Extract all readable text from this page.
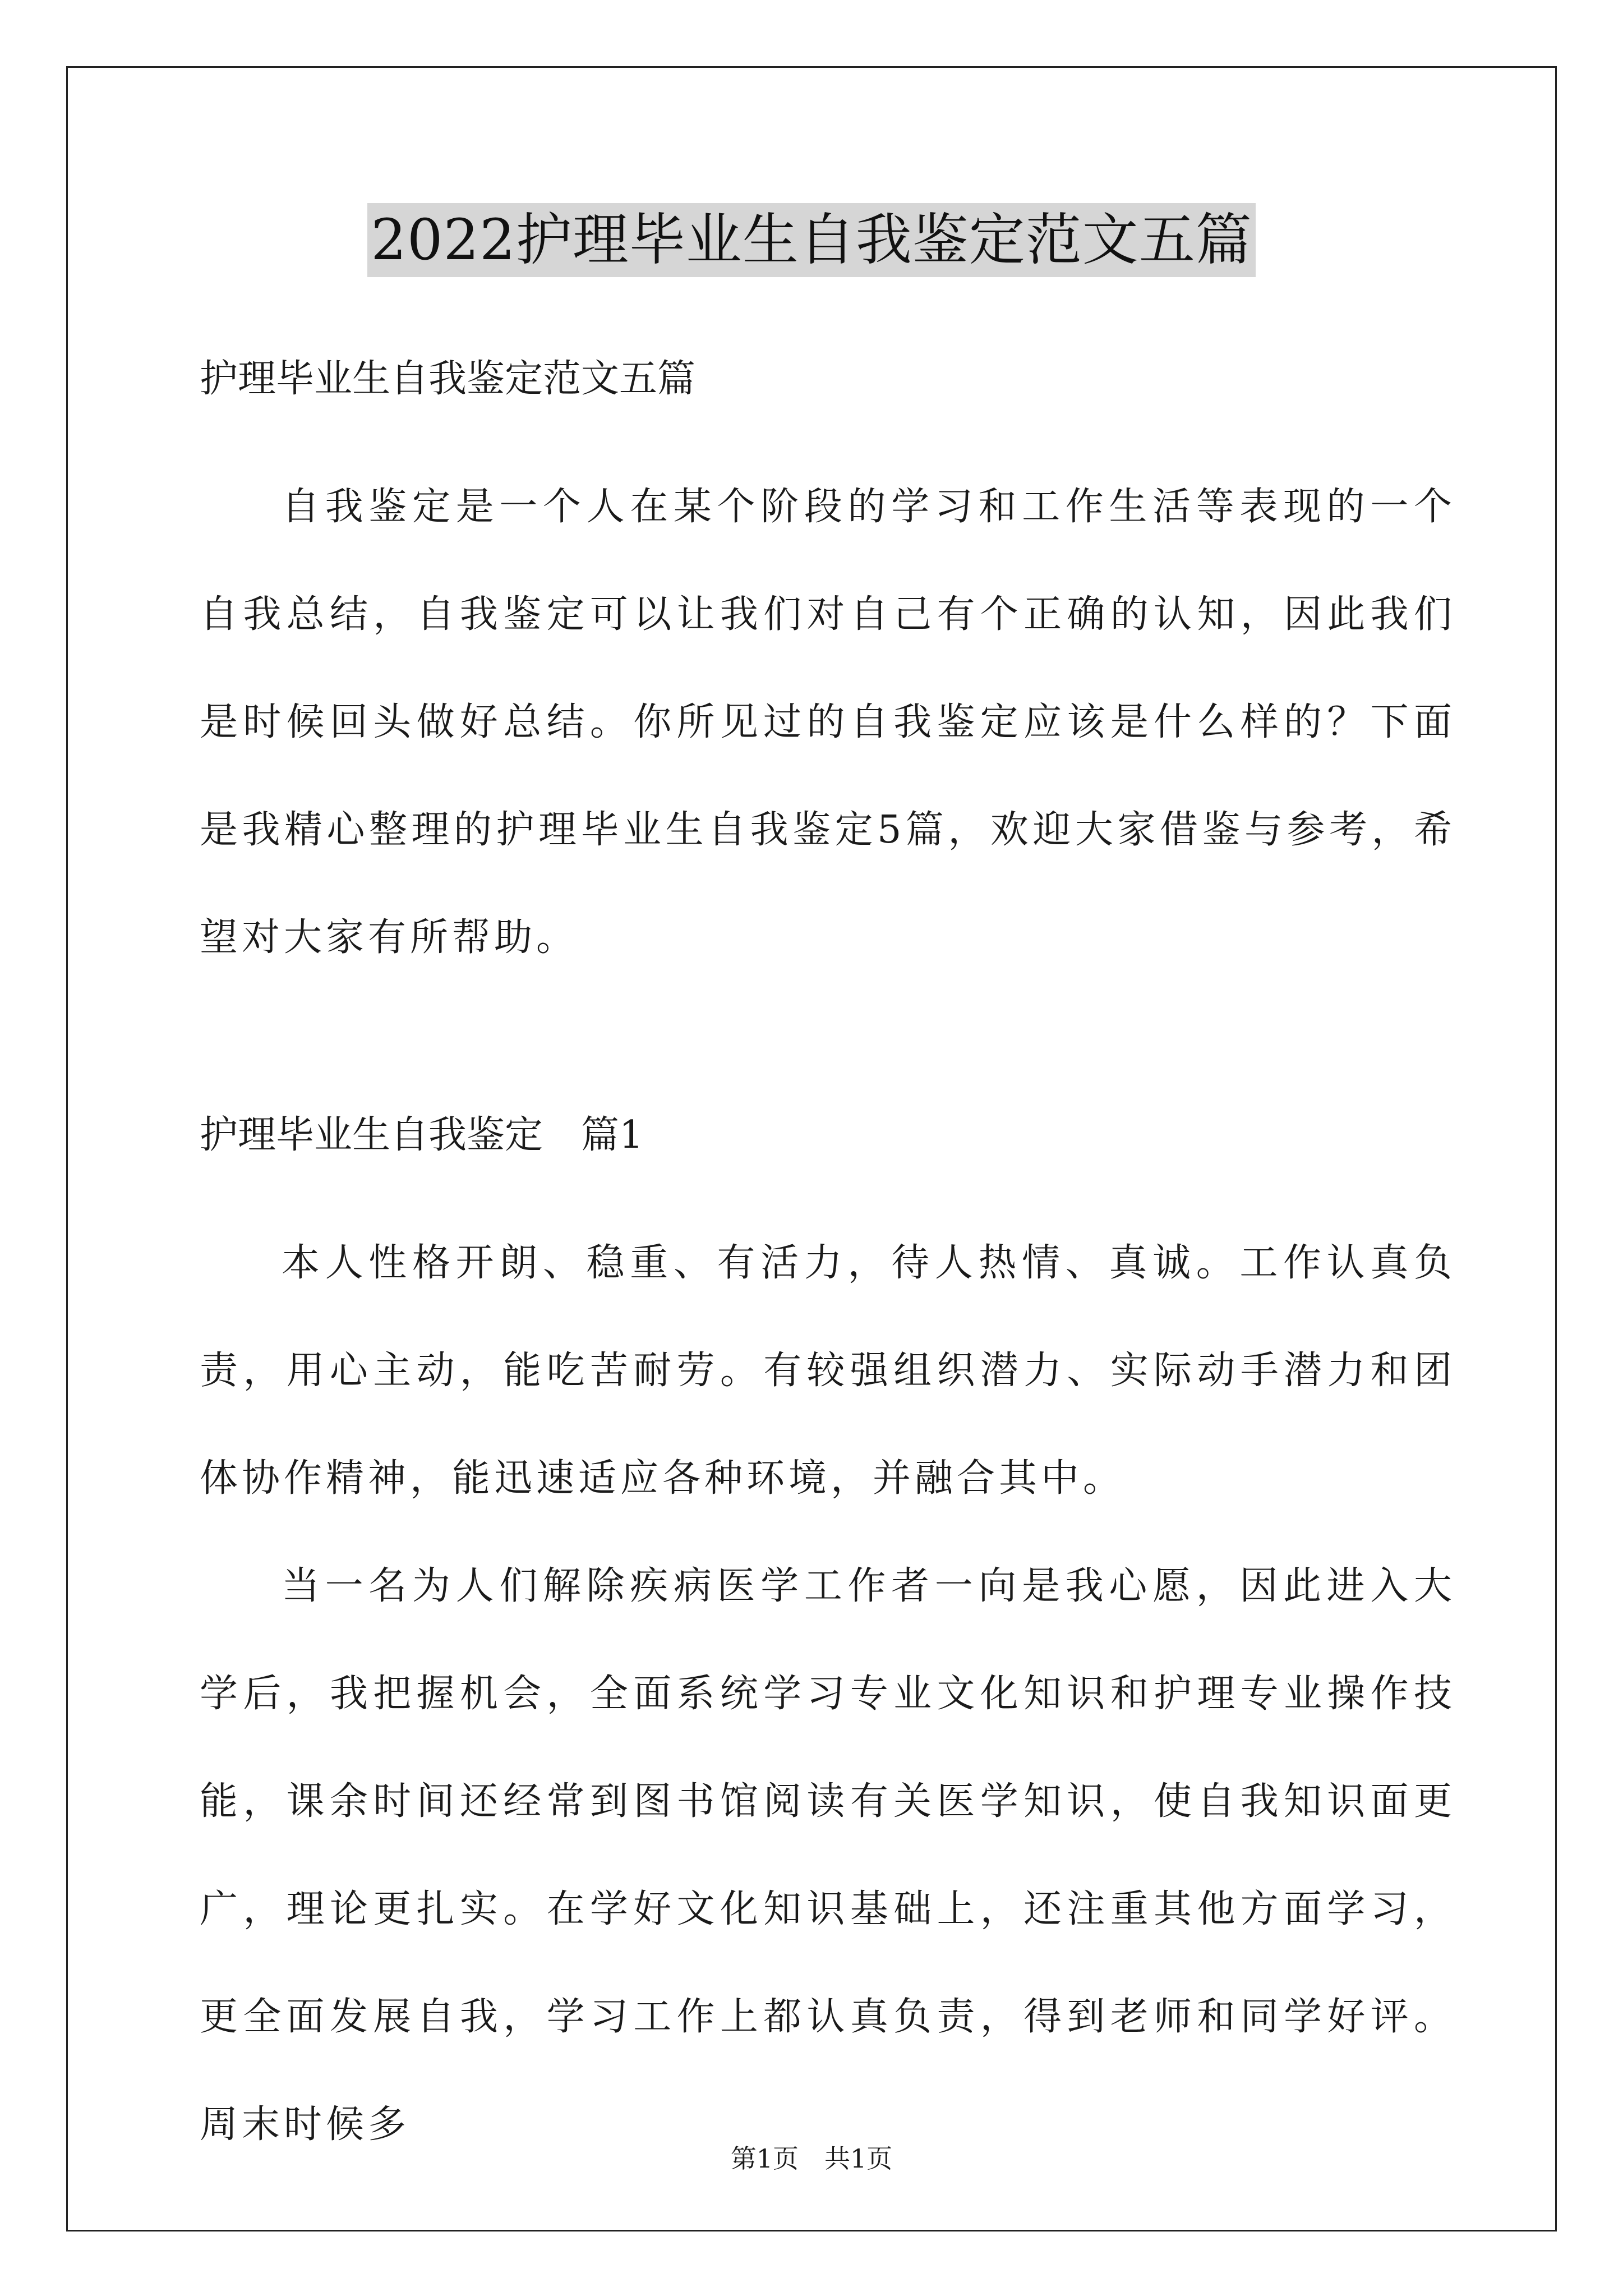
2022护理毕业生自我鉴定范文五篇

护理毕业生自我鉴定范文五篇

自我鉴定是一个人在某个阶段的学习和工作生活等表现的一个自我总结，自我鉴定可以让我们对自己有个正确的认知，因此我们是时候回头做好总结。你所见过的自我鉴定应该是什么样的？下面是我精心整理的护理毕业生自我鉴定5篇，欢迎大家借鉴与参考，希望对大家有所帮助。

护理毕业生自我鉴定　篇1

本人性格开朗、稳重、有活力，待人热情、真诚。工作认真负责，用心主动，能吃苦耐劳。有较强组织潜力、实际动手潜力和团体协作精神，能迅速适应各种环境，并融合其中。

当一名为人们解除疾病医学工作者一向是我心愿，因此进入大学后，我把握机会，全面系统学习专业文化知识和护理专业操作技能，课余时间还经常到图书馆阅读有关医学知识，使自我知识面更广，理论更扎实。在学好文化知识基础上，还注重其他方面学习，更全面发展自我，学习工作上都认真负责，得到老师和同学好评。周末时候多

第1页　共1页
